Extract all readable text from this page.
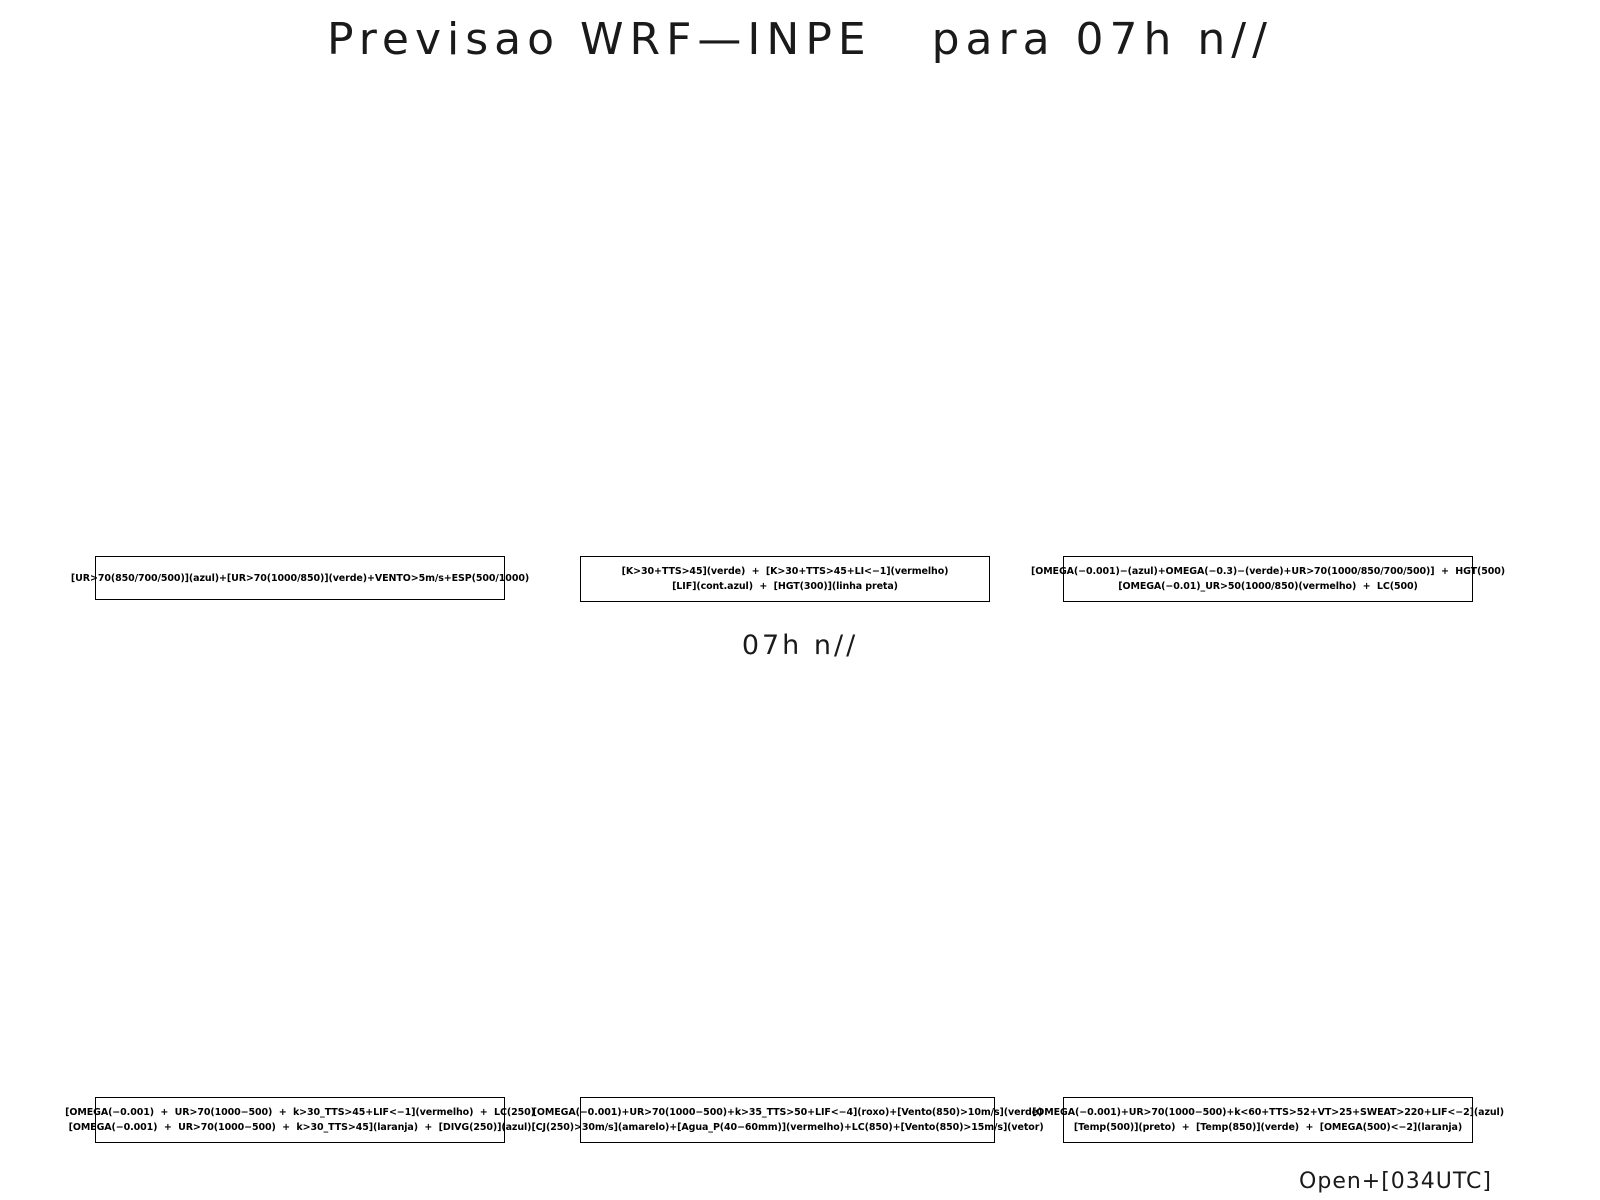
Previsao WRF—INPE   para 07h n//
07h n//
[UR>70(850/700/500)](azul)+[UR>70(1000/850)](verde)+VENTO>5m/s+ESP(500/1000)
[K>30+TTS>45](verde)  +  [K>30+TTS>45+LI<−1](vermelho)
[LIF](cont.azul)  +  [HGT(300)](linha preta)
[OMEGA(−0.001)−(azul)+OMEGA(−0.3)−(verde)+UR>70(1000/850/700/500)]  +  HGT(500)
[OMEGA(−0.01)_UR>50(1000/850)(vermelho)  +  LC(500)
[OMEGA(−0.001)  +  UR>70(1000−500)  +  k>30_TTS>45+LIF<−1](vermelho)  +  LC(250)
[OMEGA(−0.001)  +  UR>70(1000−500)  +  k>30_TTS>45](laranja)  +  [DIVG(250)](azul)
[OMEGA(−0.001)+UR>70(1000−500)+k>35_TTS>50+LIF<−4](roxo)+[Vento(850)>10m/s](verde)
[CJ(250)>30m/s](amarelo)+[Agua_P(40−60mm)](vermelho)+LC(850)+[Vento(850)>15m/s](vetor)
[OMEGA(−0.001)+UR>70(1000−500)+k<60+TTS>52+VT>25+SWEAT>220+LIF<−2](azul)
[Temp(500)](preto)  +  [Temp(850)](verde)  +  [OMEGA(500)<−2](laranja)
Open+[034UTC]
